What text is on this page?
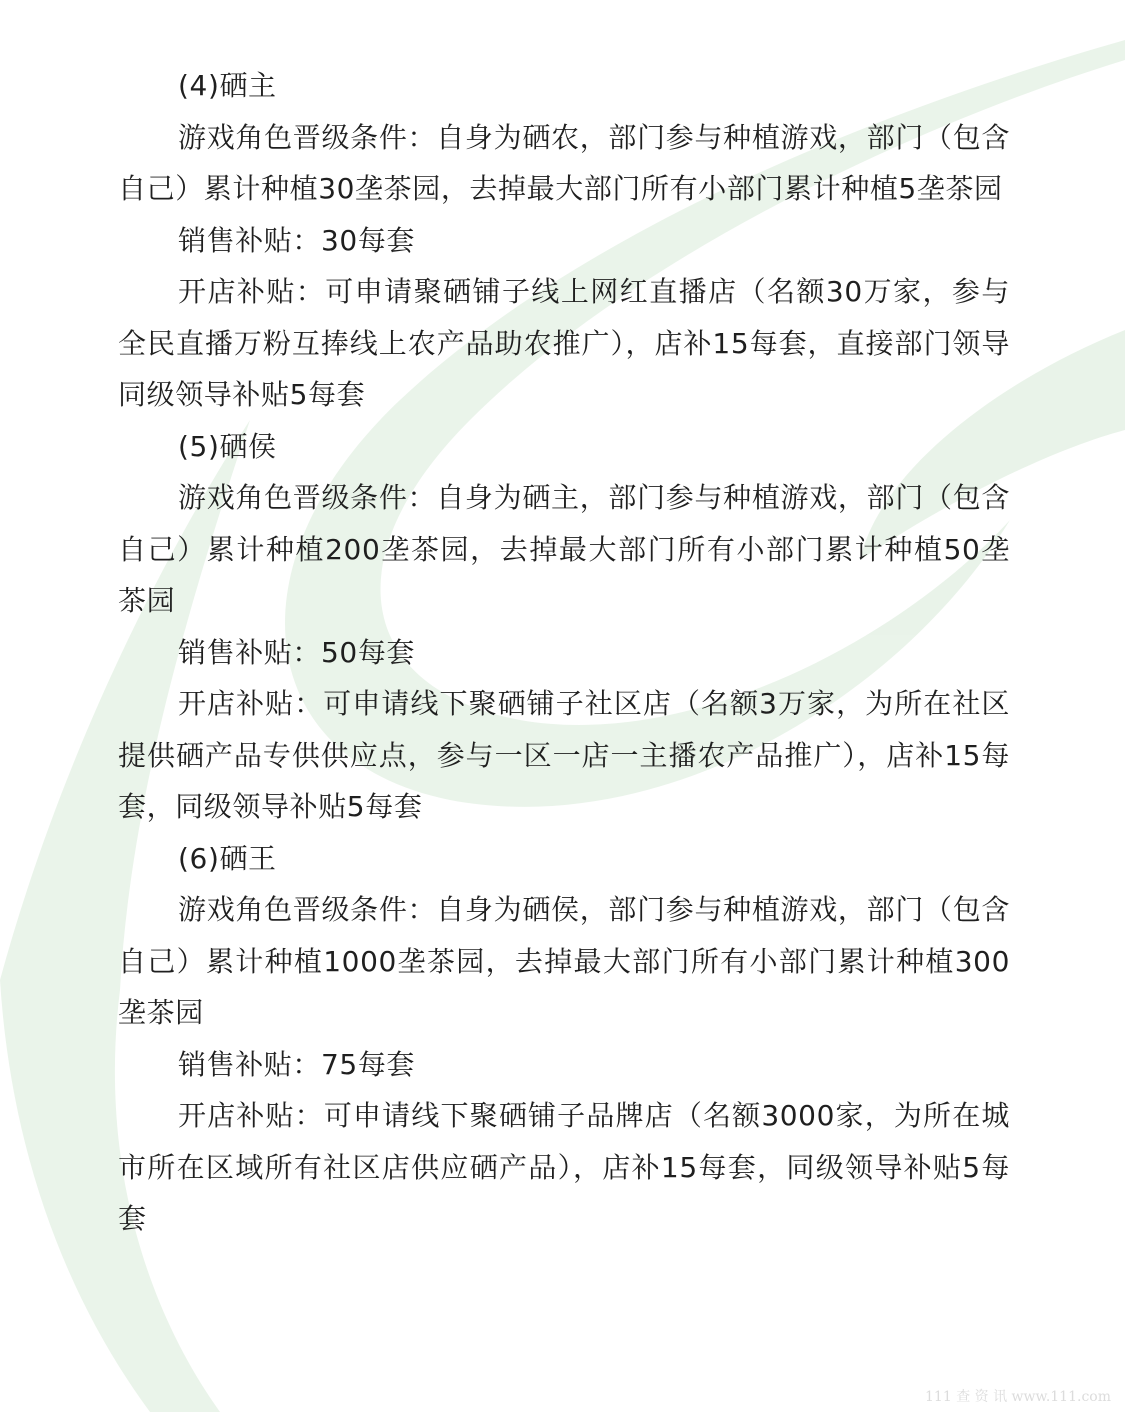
(4)硒主

游戏角色晋级条件：自身为硒农，部门参与种植游戏，部门（包含自己）累计种植30垄茶园，去掉最大部门所有小部门累计种植5垄茶园

销售补贴：30每套

开店补贴：可申请聚硒铺子线上网红直播店（名额30万家，参与全民直播万粉互捧线上农产品助农推广），店补15每套，直接部门领导同级领导补贴5每套

(5)硒侯

游戏角色晋级条件：自身为硒主，部门参与种植游戏，部门（包含自己）累计种植200垄茶园，去掉最大部门所有小部门累计种植50垄茶园

销售补贴：50每套

开店补贴：可申请线下聚硒铺子社区店（名额3万家，为所在社区提供硒产品专供供应点，参与一区一店一主播农产品推广），店补15每套，同级领导补贴5每套

(6)硒王

游戏角色晋级条件：自身为硒侯，部门参与种植游戏，部门（包含自己）累计种植1000垄茶园，去掉最大部门所有小部门累计种植300垄茶园

销售补贴：75每套

开店补贴：可申请线下聚硒铺子品牌店（名额3000家，为所在城市所在区域所有社区店供应硒产品），店补15每套，同级领导补贴5每套

111 查 资 讯 www.111.com
